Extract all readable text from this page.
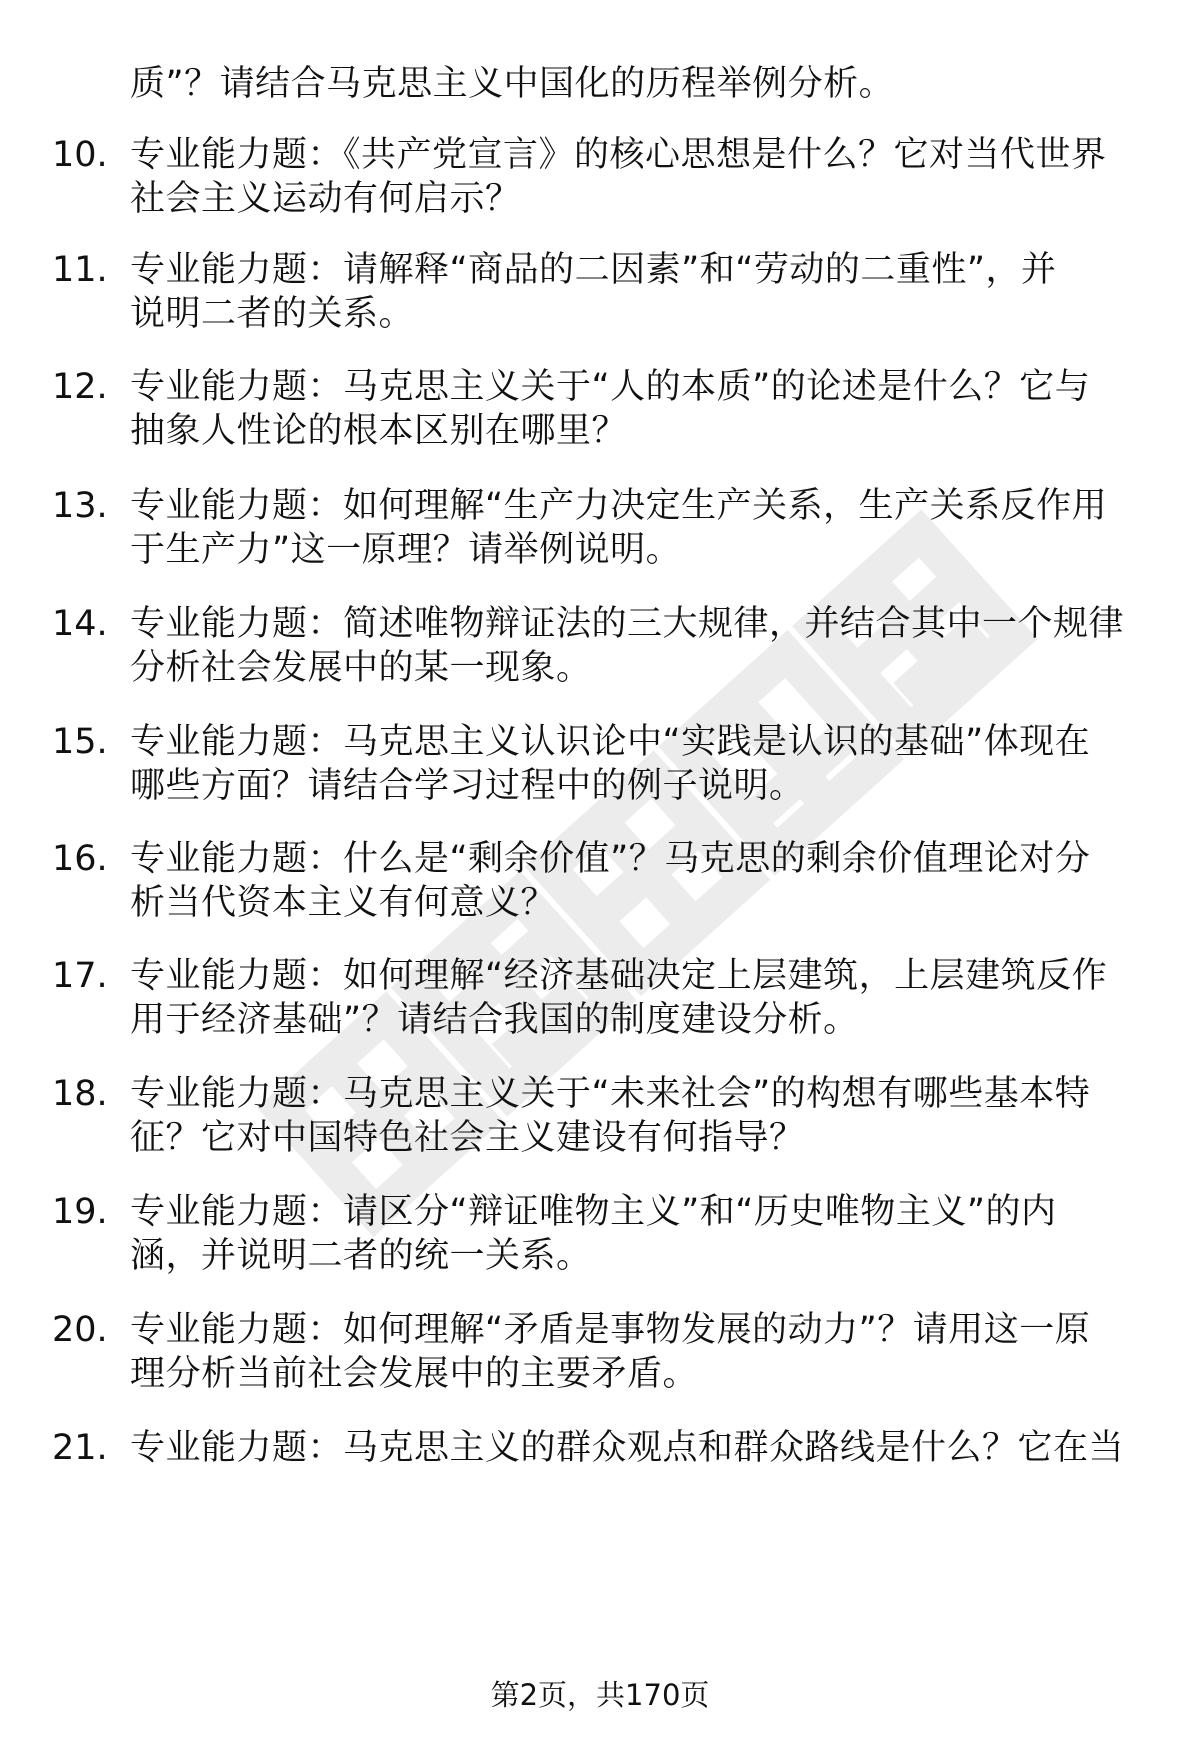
质”？请结合马克思主义中国化的历程举例分析。
10. 专业能力题：《共产党宣言》的核心思想是什么？它对当代世界
社会主义运动有何启示？
11. 专业能力题：请解释“商品的二因素”和“劳动的二重性”，并
说明二者的关系。
12. 专业能力题：马克思主义关于“人的本质”的论述是什么？它与
抽象人性论的根本区别在哪里？
13. 专业能力题：如何理解“生产力决定生产关系，生产关系反作用
于生产力”这一原理？请举例说明。
14. 专业能力题：简述唯物辩证法的三大规律，并结合其中一个规律
分析社会发展中的某一现象。
15. 专业能力题：马克思主义认识论中“实践是认识的基础”体现在
哪些方面？请结合学习过程中的例子说明。
16. 专业能力题：什么是“剩余价值”？马克思的剩余价值理论对分
析当代资本主义有何意义？
17. 专业能力题：如何理解“经济基础决定上层建筑，上层建筑反作
用于经济基础”？请结合我国的制度建设分析。
18. 专业能力题：马克思主义关于“未来社会”的构想有哪些基本特
征？它对中国特色社会主义建设有何指导？
19. 专业能力题：请区分“辩证唯物主义”和“历史唯物主义”的内
涵，并说明二者的统一关系。
20. 专业能力题：如何理解“矛盾是事物发展的动力”？请用这一原
理分析当前社会发展中的主要矛盾。
21. 专业能力题：马克思主义的群众观点和群众路线是什么？它在当
第2页，共170页
